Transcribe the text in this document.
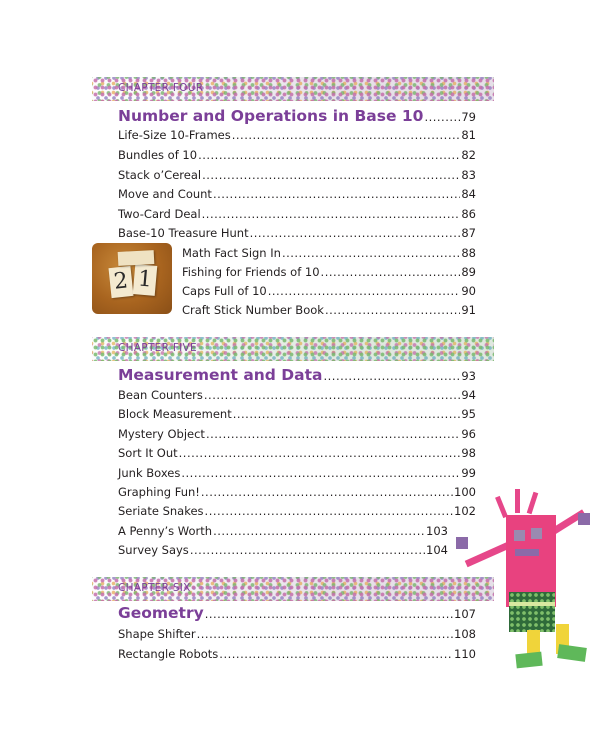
CHAPTER FOUR
Number and Operations in Base 10 .....	79
Life-Size 10-Frames .....	81
Bundles of 10 .....	82
Stack o’Cereal .....	83
Move and Count .....	84
Two-Card Deal .....	86
Base-10 Treasure Hunt .....	87
2 1
Math Fact Sign In .....	88
Fishing for Friends of 10 .....	89
Caps Full of 10 .....	90
Craft Stick Number Book .....	91
CHAPTER FIVE
Measurement and Data .....	93
Bean Counters .....	94
Block Measurement .....	95
Mystery Object .....	96
Sort It Out .....	98
Junk Boxes .....	99
Graphing Fun! .....	100
Seriate Snakes .....	102
A Penny’s Worth .....	103
Survey Says .....	104
CHAPTER SIX
Geometry .....	107
Shape Shifter .....	108
Rectangle Robots .....	110
